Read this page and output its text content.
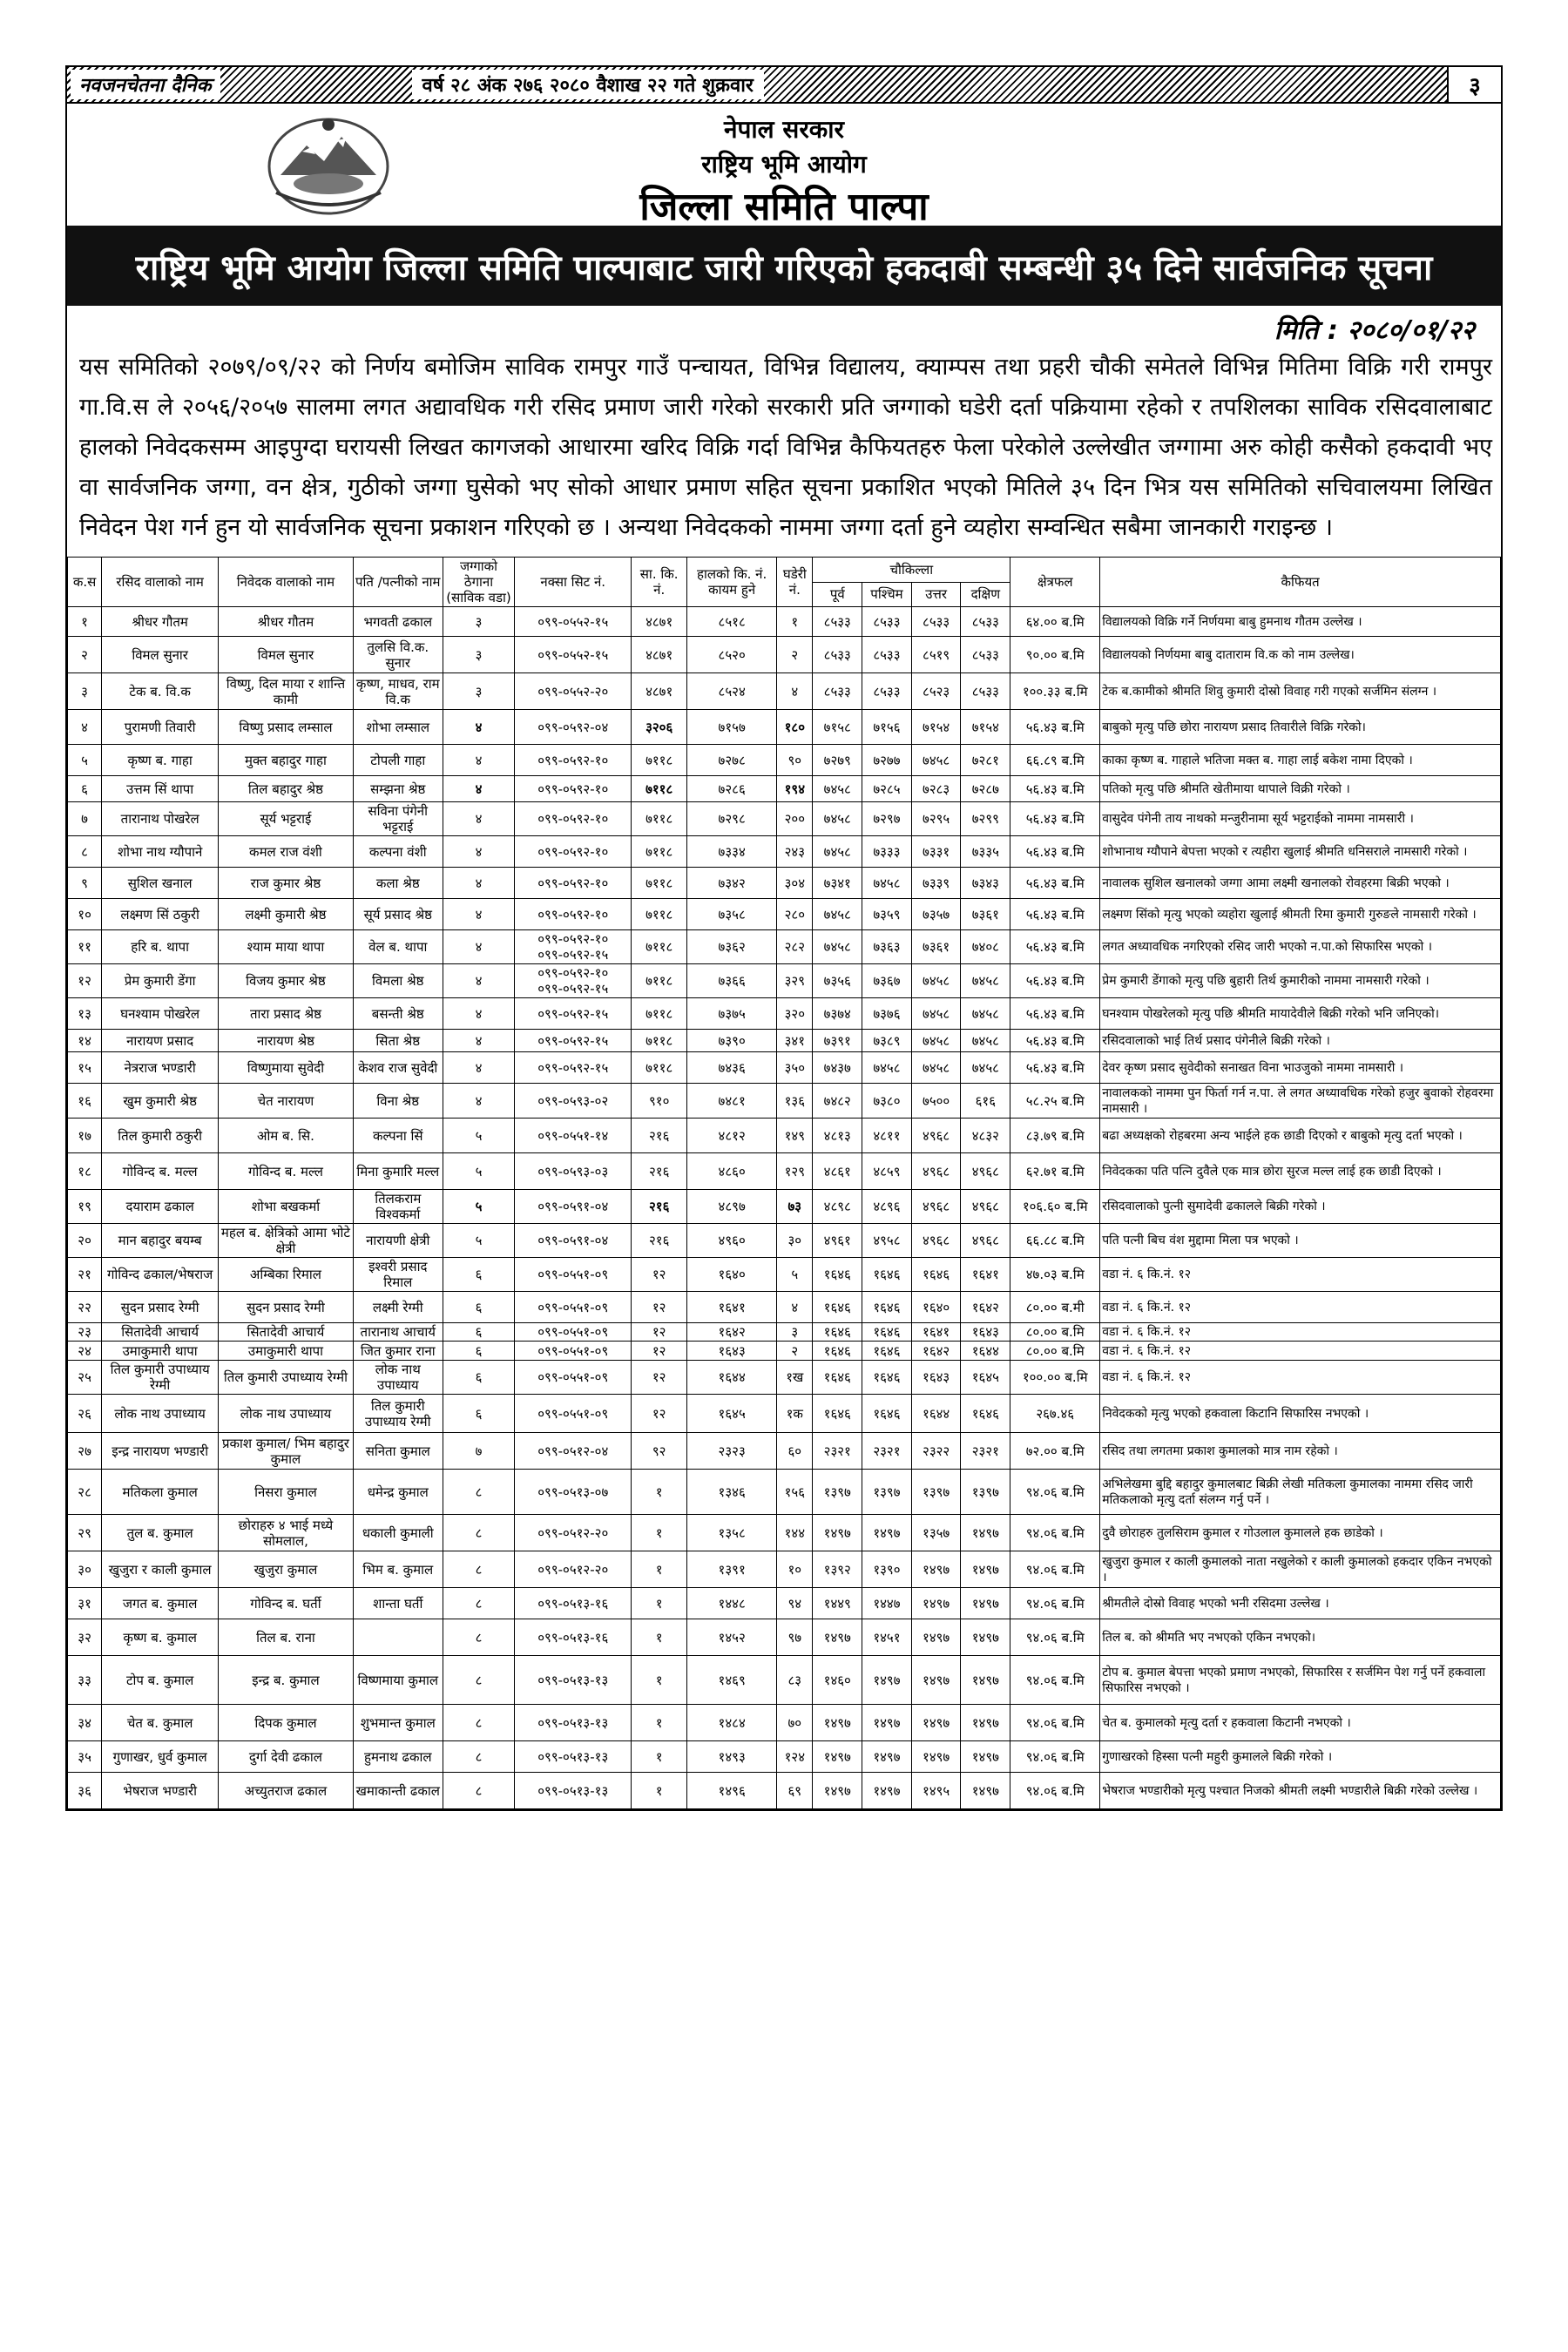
नवजनचेतना दैनिक	वर्ष २८ अंक २७६ २०८० वैशाख २२ गते शुक्रवार	३
नेपाल सरकार
राष्ट्रिय भूमि आयोग
जिल्ला समिति पाल्पा
राष्ट्रिय भूमि आयोग जिल्ला समिति पाल्पाबाट जारी गरिएको हकदाबी सम्बन्धी ३५ दिने सार्वजनिक सूचना
मिति : २०८०/०१/२२
यस समितिको २०७९/०९/२२ को निर्णय बमोजिम साविक रामपुर गाउँ पन्चायत, विभिन्न विद्यालय, क्याम्पस तथा प्रहरी चौकी समेतले विभिन्न मितिमा विक्रि गरी रामपुर गा.वि.स ले २०५६/२०५७ सालमा लगत अद्यावधिक गरी रसिद प्रमाण जारी गरेको सरकारी प्रति जग्गाको घडेरी दर्ता पक्रियामा रहेको र तपशिलका साविक रसिदवालाबाट हालको निवेदकसम्म आइपुग्दा घरायसी लिखत कागजको आधारमा खरिद विक्रि गर्दा विभिन्न कैफियतहरु फेला परेकोले उल्लेखीत जग्गामा अरु कोही कसैको हकदावी भए वा सार्वजनिक जग्गा, वन क्षेत्र, गुठीको जग्गा घुसेको भए सोको आधार प्रमाण सहित सूचना प्रकाशित भएकोे मितिले ३५ दिन भित्र यस समितिको सचिवालयमा लिखित निवेदन पेश गर्न हुन यो सार्वजनिक सूचना प्रकाशन गरिएको छ । अन्यथा निवेदकको नाममा जग्गा दर्ता हुने व्यहोरा सम्वन्धित सबैमा जानकारी गराइन्छ ।
क.स	रसिद वालाको नाम	निवेदक वालाको नाम	पति /पत्नीको नाम	जग्गाको ठेगाना (साविक वडा)	नक्सा सिट नं.	सा. कि. नं.	हालको कि. नं. कायम हुने	घडेरी नं.	चौकिल्ला				क्षेत्रफल	कैफियत
									पूर्व	पश्चिम	उत्तर	दक्षिण		
१	श्रीधर गौतम	श्रीधर गौतम	भगवती ढकाल	३	०९९-०५५२-१५	४८७१	८५१८	१	८५३३	८५३३	८५३३	८५३३	६४.०० ब.मि	विद्यालयको विक्रि गर्ने निर्णयमा बाबु हुमनाथ गौतम उल्लेख ।
२	विमल सुनार	विमल सुनार	तुलसि वि.क. सुनार	३	०९९-०५५२-१५	४८७१	८५२०	२	८५३३	८५३३	८५१९	८५३३	९०.०० ब.मि	विद्यालयको निर्णयमा बाबु दाताराम वि.क को नाम उल्लेख।
३	टेक ब. वि.क	विष्णु, दिल माया र शान्ति कामी	कृष्ण, माधव, राम वि.क	३	०९९-०५५२-२०	४८७१	८५२४	४	८५३३	८५३३	८५२३	८५३३	१००.३३ ब.मि	टेक ब.कामीको श्रीमति शिवु कुमारी दोस्रो विवाह गरी गएको सर्जमिन संलग्न ।
४	पुरामणी तिवारी	विष्णु प्रसाद लम्साल	शोभा लम्साल	४	०९९-०५९२-०४	३२०६	७१५७	१८०	७१५८	७१५६	७१५४	७१५४	५६.४३ ब.मि	बाबुको मृत्यु पछि छोरा नारायण प्रसाद तिवारीले विक्रि गरेको।
५	कृष्ण ब. गाहा	मुक्त बहादुर गाहा	टोपली गाहा	४	०९९-०५९२-१०	७११८	७२७८	९०	७२७९	७२७७	७४५८	७२८१	६६.८९ ब.मि	काका कृष्ण ब. गाहाले भतिजा मक्त ब. गाहा लाई बकेश नामा दिएको ।
६	उत्तम सिं थापा	तिल बहादुर श्रेष्ठ	सम्झना श्रेष्ठ	४	०९९-०५९२-१०	७११८	७२८६	१९४	७४५८	७२८५	७२८३	७२८७	५६.४३ ब.मि	पतिको मृत्यु पछि श्रीमति खेतीमाया थापाले विक्री गरेको ।
७	तारानाथ पोखरेल	सूर्य भट्टराई	सविना पंगेनी भट्टराई	४	०९९-०५९२-१०	७११८	७२९८	२००	७४५८	७२९७	७२९५	७२९९	५६.४३ ब.मि	वासुदेव पंगेनी ताय नाथको मन्जुरीनामा सूर्य भट्टराईको नाममा नामसारी ।
८	शोभा नाथ ग्यौपाने	कमल राज वंशी	कल्पना वंशी	४	०९९-०५९२-१०	७११८	७३३४	२४३	७४५८	७३३३	७३३१	७३३५	५६.४३ ब.मि	शोभानाथ ग्यौपाने बेपत्ता भएको र त्यहीरा खुलाई श्रीमति धनिसराले नामसारी गरेको ।
९	सुशिल खनाल	राज कुमार श्रेष्ठ	कला श्रेष्ठ	४	०९९-०५९२-१०	७११८	७३४२	३०४	७३४१	७४५८	७३३९	७३४३	५६.४३ ब.मि	नावालक सुशिल खनालको जग्गा आमा लक्ष्मी खनालको रोवहरमा बिक्री भएको ।
१०	लक्ष्मण सिं ठकुरी	लक्ष्मी कुमारी श्रेष्ठ	सूर्य प्रसाद श्रेष्ठ	४	०९९-०५९२-१०	७११८	७३५८	२८०	७४५८	७३५९	७३५७	७३६१	५६.४३ ब.मि	लक्ष्मण सिंको मृत्यु भएको व्यहोरा खुलाई श्रीमती रिमा कुमारी गुरुङले नामसारी गरेको ।
११	हरि ब. थापा	श्याम माया थापा	वेल ब. थापा	४	०९९-०५९२-१० ०९९-०५९२-१५	७११८	७३६२	२८२	७४५८	७३६३	७३६१	७४०८	५६.४३ ब.मि	लगत अध्यावधिक नगरिएको रसिद जारी भएको न.पा.को सिफारिस भएको ।
१२	प्रेम कुमारी डेंगा	विजय कुमार श्रेष्ठ	विमला श्रेष्ठ	४	०९९-०५९२-१० ०९९-०५९२-१५	७११८	७३६६	३२९	७३५६	७३६७	७४५८	७४५८	५६.४३ ब.मि	प्रेम कुमारी डेंगाको मृत्यु पछि बुहारी तिर्थ कुमारीको नाममा नामसारी गरेको ।
१३	घनश्याम पोखरेल	तारा प्रसाद श्रेष्ठ	बसन्ती श्रेष्ठ	४	०९९-०५९२-१५	७११८	७३७५	३२०	७३७४	७३७६	७४५८	७४५८	५६.४३ ब.मि	घनश्याम पोखरेलको मृत्यु पछि श्रीमति मायादेवीले बिक्री गरेको भनि जनिएको।
१४	नारायण प्रसाद	नारायण श्रेष्ठ	सिता श्रेष्ठ	४	०९९-०५९२-१५	७११८	७३९०	३४१	७३९१	७३८९	७४५८	७४५८	५६.४३ ब.मि	रसिदवालाको भाई तिर्थ प्रसाद पंगेनीले बिक्री गरेको ।
१५	नेत्रराज भण्डारी	विष्णुमाया सुवेदी	केशव राज सुवेदी	४	०९९-०५९२-१५	७११८	७४३६	३५०	७४३७	७४५८	७४५८	७४५८	५६.४३ ब.मि	देवर कृष्ण प्रसाद सुवेदीको सनाखत विना भाउजुको नाममा नामसारी ।
१६	खुम कुमारी श्रेष्ठ	चेत नारायण	विना श्रेष्ठ	४	०९९-०५९३-०२	९१०	७४८१	१३६	७४८२	७३८०	७५००	६१६	५८.२५ ब.मि	नावालकको नाममा पुन फिर्ता गर्न न.पा. ले लगत अध्यावधिक गरेको हजुर बुवाको रोहवरमा नामसारी ।
१७	तिल कुमारी ठकुरी	ओम ब. सि.	कल्पना सिं	५	०९९-०५५१-१४	२१६	४८१२	१४९	४८१३	४८११	४९६८	४८३२	८३.७९ ब.मि	बढा अध्यक्षको रोहबरमा अन्य भाईले हक छाडी दिएको र बाबुको मृत्यु दर्ता भएको ।
१८	गोविन्द ब. मल्ल	गोविन्द ब. मल्ल	मिना कुमारि मल्ल	५	०९९-०५९३-०३	२१६	४८६०	१२९	४८६१	४८५९	४९६८	४९६८	६२.७१ ब.मि	निवेदकका पति पत्नि दुवैले एक मात्र छोरा सुरज मल्ल लाई हक छाडी दिएको ।
१९	दयाराम ढकाल	शोभा बखकर्मा	तिलकराम विश्वकर्मा	५	०९९-०५९१-०४	२१६	४८९७	७३	४८९८	४८९६	४९६८	४९६८	१०६.६० ब.मि	रसिदवालाको पुत्नी सुमादेवी ढकालले बिक्री गरेको ।
२०	मान बहादुर बयम्ब	महल ब. क्षेत्रिको आमा भोटे क्षेत्री	नारायणी क्षेत्री	५	०९९-०५९१-०४	२१६	४९६०	३०	४९६१	४९५८	४९६८	४९६८	६६.८८ ब.मि	पति पत्नी बिच वंश मुद्दामा मिला पत्र भएको ।
२१	गोविन्द ढकाल/भेषराज	अम्बिका रिमाल	इश्वरी प्रसाद रिमाल	६	०९९-०५५१-०९	१२	१६४०	५	१६४६	१६४६	१६४६	१६४१	४७.०३ ब.मि	वडा नं. ६ कि.नं. १२
२२	सुदन प्रसाद रेग्मी	सुदन प्रसाद रेग्मी	लक्ष्मी रेग्मी	६	०९९-०५५१-०९	१२	१६४१	४	१६४६	१६४६	१६४०	१६४२	८०.०० ब.मी	वडा नं. ६ कि.नं. १२
२३	सितादेवी आचार्य	सितादेवी आचार्य	तारानाथ आचार्य	६	०९९-०५५१-०९	१२	१६४२	३	१६४६	१६४६	१६४१	१६४३	८०.०० ब.मि	वडा नं. ६ कि.नं. १२
२४	उमाकुमारी थापा	उमाकुमारी थापा	जित कुमार राना	६	०९९-०५५१-०९	१२	१६४३	२	१६४६	१६४६	१६४२	१६४४	८०.०० ब.मि	वडा नं. ६ कि.नं. १२
२५	तिल कुमारी उपाध्याय रेग्मी	तिल कुमारी उपाध्याय रेग्मी	लोक नाथ उपाध्याय	६	०९९-०५५१-०९	१२	१६४४	१ख	१६४६	१६४६	१६४३	१६४५	१००.०० ब.मि	वडा नं. ६ कि.नं. १२
२६	लोक नाथ उपाध्याय	लोक नाथ उपाध्याय	तिल कुमारी उपाध्याय रेग्मी	६	०९९-०५५१-०९	१२	१६४५	१क	१६४६	१६४६	१६४४	१६४६	२६७.४६	निवेदकको मृत्यु भएको हकवाला किटानि सिफारिस नभएको ।
२७	इन्द्र नारायण भण्डारी	प्रकाश कुमाल/ भिम बहादुर कुमाल	सनिता कुमाल	७	०९९-०५१२-०४	९२	२३२३	६०	२३२१	२३२१	२३२२	२३२१	७२.०० ब.मि	रसिद तथा लगतमा प्रकाश कुमालको मात्र नाम रहेको ।
२८	मतिकला कुमाल	निसरा कुमाल	धमेन्द्र कुमाल	८	०९९-०५१३-०७	१	१३४६	१५६	१३९७	१३९७	१३९७	१३९७	९४.०६ ब.मि	अभिलेखमा बुद्दि बहादुर कुमालबाट बिक्री लेखी मतिकला कुमालका नाममा रसिद जारी मतिकलाको मृत्यु दर्ता संलग्न गर्नु पर्ने ।
२९	तुल ब. कुमाल	छोराहरु ४ भाई मध्ये सोमलाल,	धकाली कुमाली	८	०९९-०५१२-२०	१	१३५८	१४४	१४९७	१४९७	१३५७	१४९७	९४.०६ ब.मि	दुवै छोराहरु तुलसिराम कुमाल र गोउलाल कुमालले हक छाडेको ।
३०	खुजुरा र काली कुमाल	खुजुरा कुमाल	भिम ब. कुमाल	८	०९९-०५१२-२०	१	१३९१	१०	१३९२	१३९०	१४९७	१४९७	९४.०६ ब.मि	खुजुरा कुमाल र काली कुमालको नाता नखुलेको र काली कुमालको हकदार एकिन नभएको ।
३१	जगत ब. कुमाल	गोविन्द ब. घर्ती	शान्ता घर्ती	८	०९९-०५१३-१६	१	१४४८	९४	१४४९	१४४७	१४९७	१४९७	९४.०६ ब.मि	श्रीमतीले दोस्रो विवाह भएको भनी रसिदमा उल्लेख ।
३२	कृष्ण ब. कुमाल	तिल ब. राना		८	०९९-०५१३-१६	१	१४५२	९७	१४९७	१४५१	१४९७	१४९७	९४.०६ ब.मि	तिल ब. को श्रीमति भए नभएको एकिन नभएको।
३३	टोप ब. कुमाल	इन्द्र ब. कुमाल	विष्णमाया कुमाल	८	०९९-०५१३-१३	१	१४६९	८३	१४६०	१४९७	१४९७	१४९७	९४.०६ ब.मि	टोप ब. कुमाल बेपत्ता भएको प्रमाण नभएको, सिफारिस र सर्जमिन पेश गर्नु पर्ने हकवाला सिफारिस नभएको ।
३४	चेत ब. कुमाल	दिपक कुमाल	शुभमान्त कुमाल	८	०९९-०५१३-१३	१	१४८४	७०	१४९७	१४९७	१४९७	१४९७	९४.०६ ब.मि	चेत ब. कुमालको मृत्यु दर्ता र हकवाला किटानी नभएको ।
३५	गुणाखर, धुर्व कुमाल	दुर्गा देवी ढकाल	हुमनाथ ढकाल	८	०९९-०५१३-१३	१	१४९३	१२४	१४९७	१४९७	१४९७	१४९७	९४.०६ ब.मि	गुणाखरको हिस्सा पत्नी महुरी कुमालले बिक्री गरेको ।
३६	भेषराज भण्डारी	अच्युतराज ढकाल	खमाकान्ती ढकाल	८	०९९-०५१३-१३	१	१४९६	६९	१४९७	१४९७	१४९५	१४९७	९४.०६ ब.मि	भेषराज भण्डारीको मृत्यु पश्चात निजको श्रीमती लक्ष्मी भण्डारीले बिक्री गरेको उल्लेख ।
